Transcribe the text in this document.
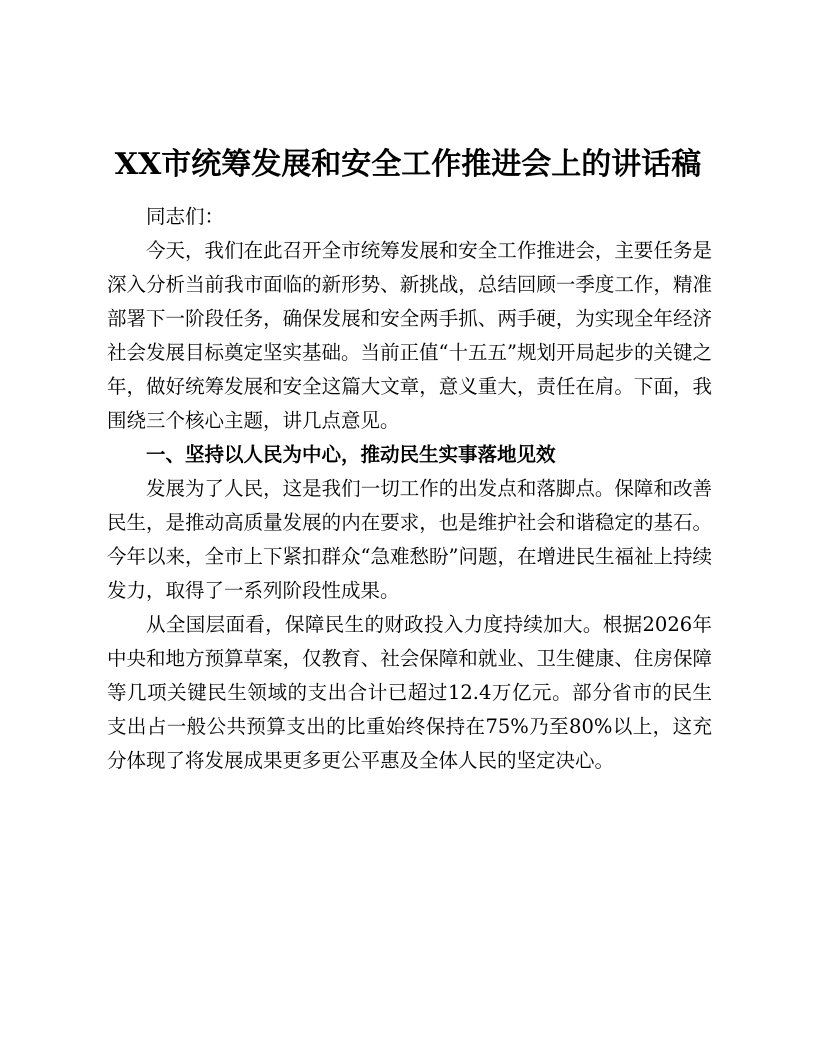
XX市统筹发展和安全工作推进会上的讲话稿

同志们：

今天，我们在此召开全市统筹发展和安全工作推进会，主要任务是深入分析当前我市面临的新形势、新挑战，总结回顾一季度工作，精准部署下一阶段任务，确保发展和安全两手抓、两手硬，为实现全年经济社会发展目标奠定坚实基础。当前正值“十五五”规划开局起步的关键之年，做好统筹发展和安全这篇大文章，意义重大，责任在肩。下面，我围绕三个核心主题，讲几点意见。

一、坚持以人民为中心，推动民生实事落地见效

发展为了人民，这是我们一切工作的出发点和落脚点。保障和改善民生，是推动高质量发展的内在要求，也是维护社会和谐稳定的基石。今年以来，全市上下紧扣群众“急难愁盼”问题，在增进民生福祉上持续发力，取得了一系列阶段性成果。

从全国层面看，保障民生的财政投入力度持续加大。根据2026年中央和地方预算草案，仅教育、社会保障和就业、卫生健康、住房保障等几项关键民生领域的支出合计已超过12.4万亿元。部分省市的民生支出占一般公共预算支出的比重始终保持在75%乃至80%以上，这充分体现了将发展成果更多更公平惠及全体人民的坚定决心。
